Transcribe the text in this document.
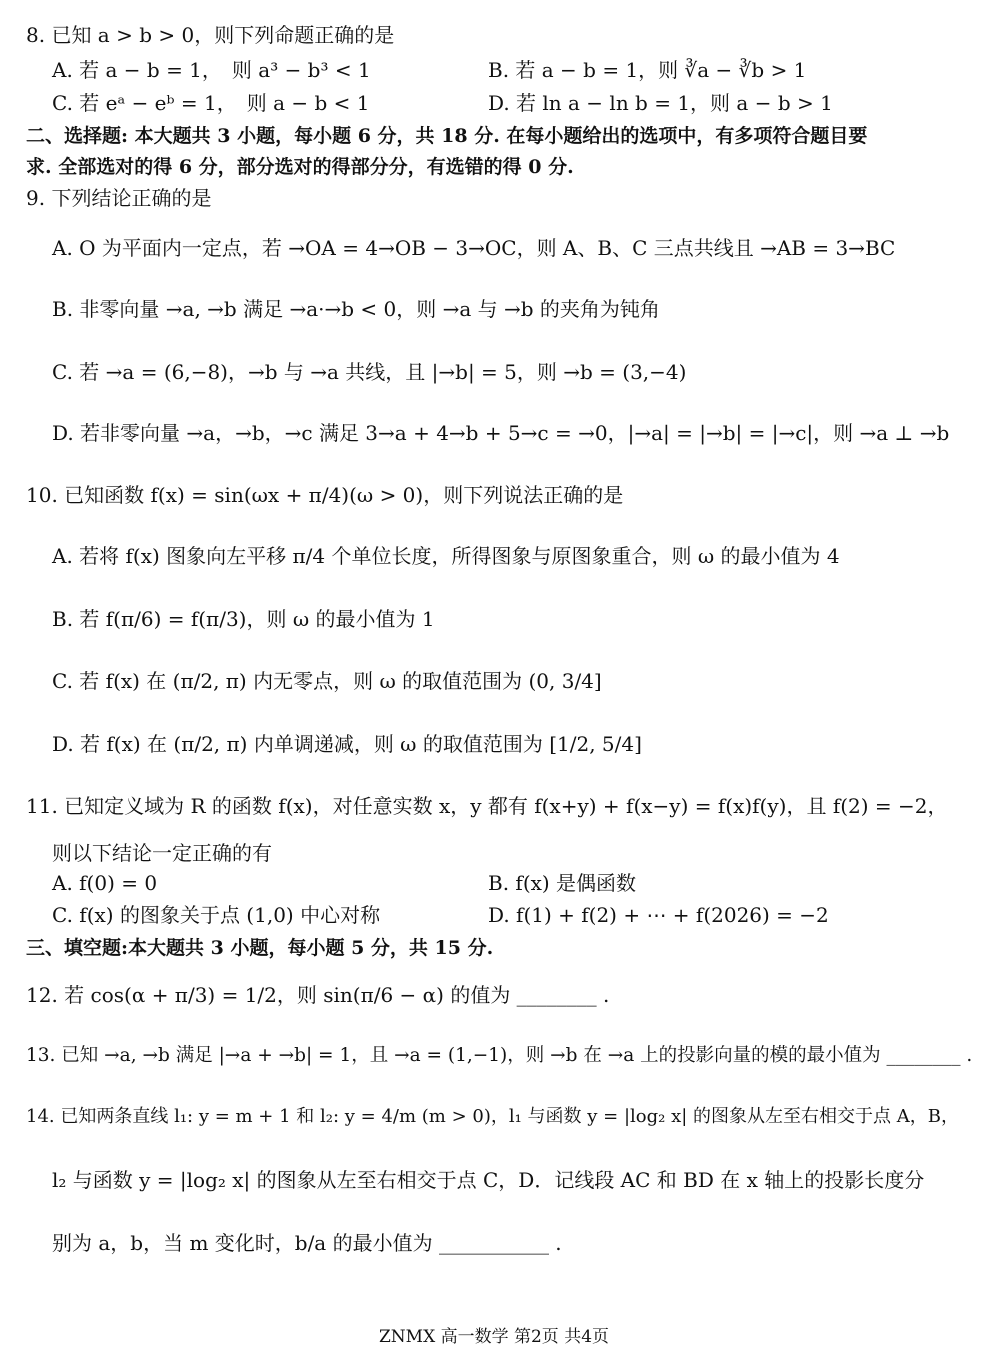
8. 已知 a > b > 0，则下列命题正确的是
A. 若 a − b = 1，　则 a³ − b³ < 1	B. 若 a − b = 1，则 ∛a − ∛b > 1
C. 若 eᵃ − eᵇ = 1，　则 a − b < 1	D. 若 ln a − ln b = 1，则 a − b > 1
二、选择题: 本大题共 3 小题，每小题 6 分，共 18 分. 在每小题给出的选项中，有多项符合题目要
求. 全部选对的得 6 分，部分选对的得部分分，有选错的得 0 分.
9. 下列结论正确的是
A. O 为平面内一定点，若 →OA = 4→OB − 3→OC，则 A、B、C 三点共线且 →AB = 3→BC
B. 非零向量 →a, →b 满足 →a·→b < 0，则 →a 与 →b 的夹角为钝角
C. 若 →a = (6,−8)，→b 与 →a 共线，且 |→b| = 5，则 →b = (3,−4)
D. 若非零向量 →a，→b，→c 满足 3→a + 4→b + 5→c = →0，|→a| = |→b| = |→c|，则 →a ⊥ →b
10. 已知函数 f(x) = sin(ωx + π/4)(ω > 0)，则下列说法正确的是
A. 若将 f(x) 图象向左平移 π/4 个单位长度，所得图象与原图象重合，则 ω 的最小值为 4
B. 若 f(π/6) = f(π/3)，则 ω 的最小值为 1
C. 若 f(x) 在 (π/2, π) 内无零点，则 ω 的取值范围为 (0, 3/4]
D. 若 f(x) 在 (π/2, π) 内单调递减，则 ω 的取值范围为 [1/2, 5/4]
11. 已知定义域为 R 的函数 f(x)，对任意实数 x，y 都有 f(x+y) + f(x−y) = f(x)f(y)，且 f(2) = −2，
则以下结论一定正确的有
A. f(0) = 0	B. f(x) 是偶函数
C. f(x) 的图象关于点 (1,0) 中心对称	D. f(1) + f(2) + ⋯ + f(2026) = −2
三、填空题:本大题共 3 小题，每小题 5 分，共 15 分.
12. 若 cos(α + π/3) = 1/2，则 sin(π/6 − α) 的值为 ________ .
13. 已知 →a, →b 满足 |→a + →b| = 1，且 →a = (1,−1)，则 →b 在 →a 上的投影向量的模的最小值为 ________ .
14. 已知两条直线 l₁: y = m + 1 和 l₂: y = 4/m (m > 0)，l₁ 与函数 y = |log₂ x| 的图象从左至右相交于点 A，B，
l₂ 与函数 y = |log₂ x| 的图象从左至右相交于点 C，D．记线段 AC 和 BD 在 x 轴上的投影长度分
别为 a，b，当 m 变化时，b/a 的最小值为 ___________ .
ZNMX 高一数学 第2页 共4页
